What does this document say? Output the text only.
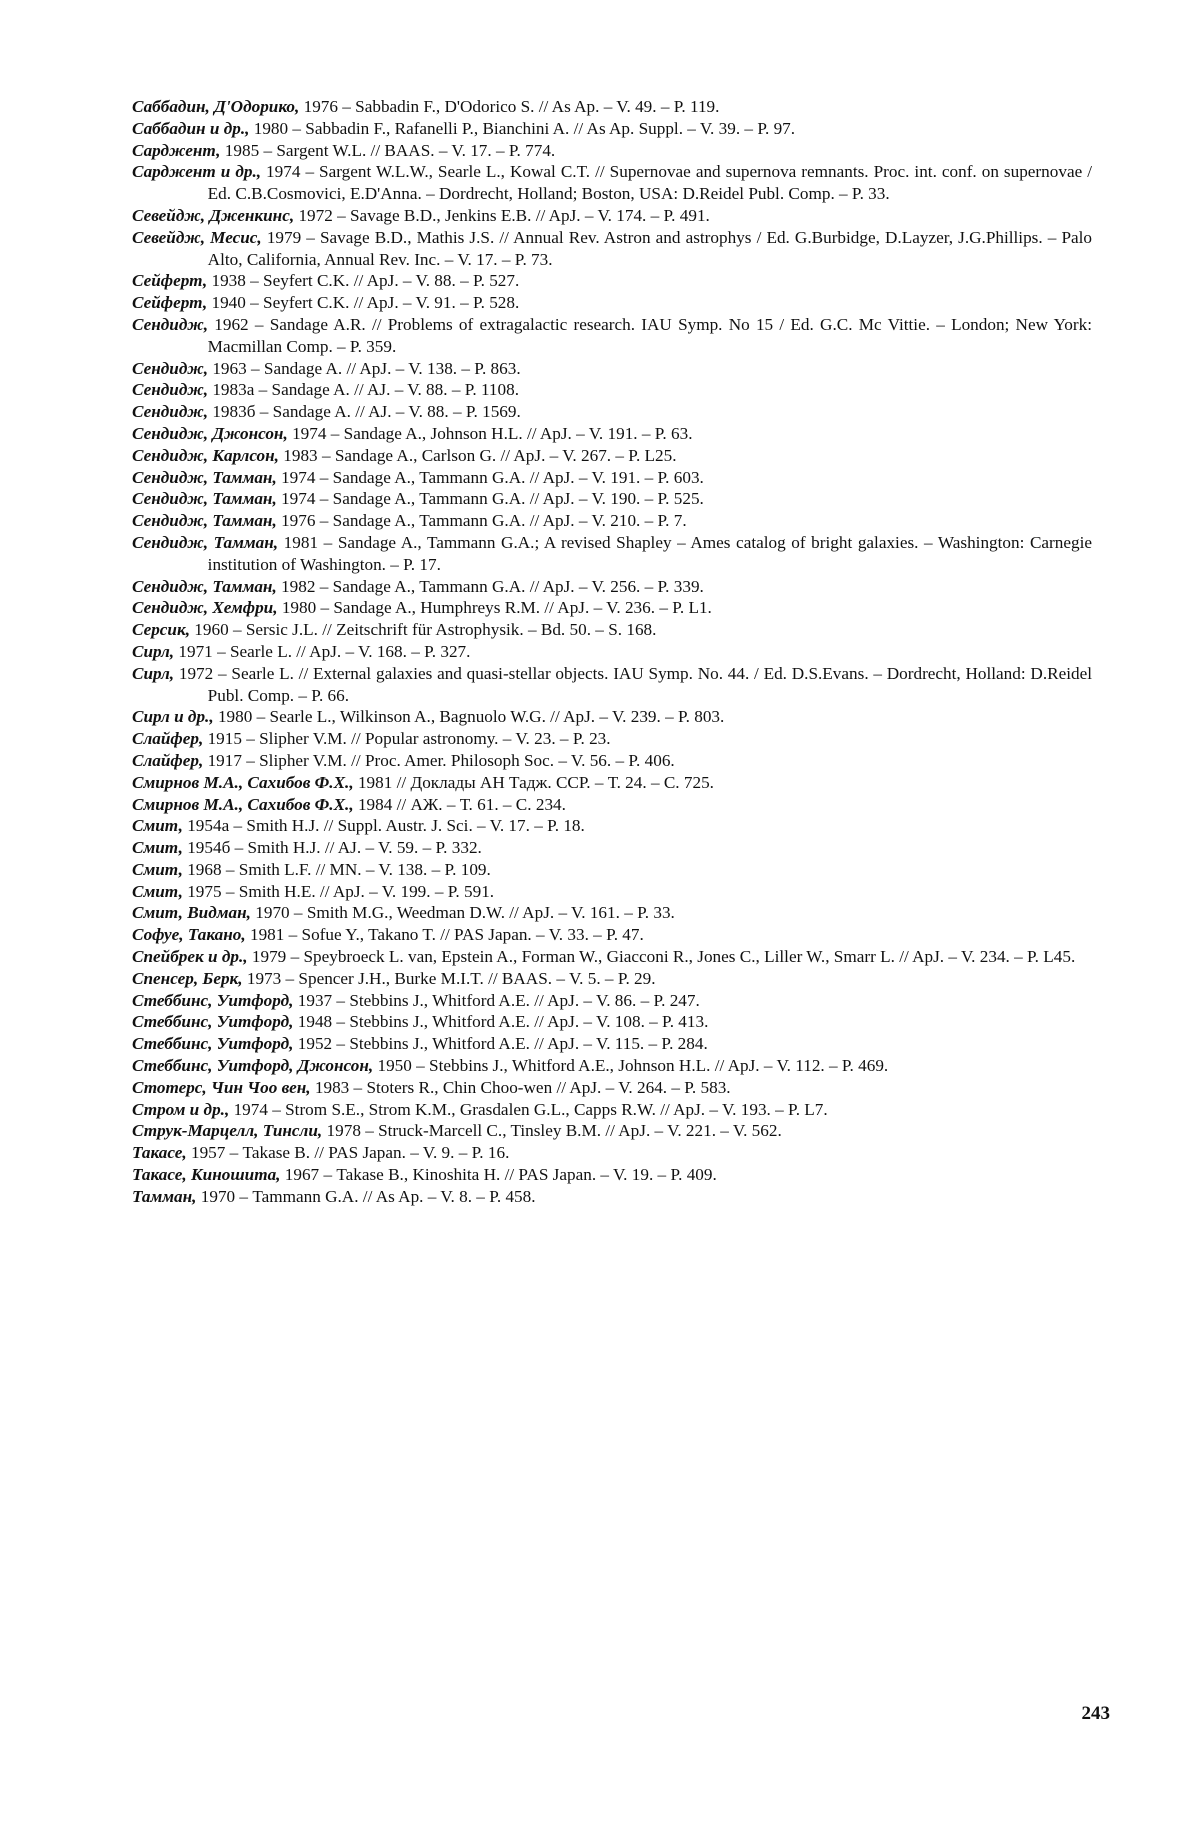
Саббадин, Д'Одорико, 1976 – Sabbadin F., D'Odorico S. // As Ap. – V. 49. – P. 119.
Саббадин и др., 1980 – Sabbadin F., Rafanelli P., Bianchini A. // As Ap. Suppl. – V. 39. – P. 97.
Сарджент, 1985 – Sargent W.L. // BAAS. – V. 17. – P. 774.
Сарджент и др., 1974 – Sargent W.L.W., Searle L., Kowal C.T. // Supernovae and supernova remnants. Proc. int. conf. on supernovae / Ed. C.B.Cosmovici, E.D'Anna. – Dordrecht, Holland; Boston, USA: D.Reidel Publ. Comp. – P. 33.
Севейдж, Дженкинс, 1972 – Savage B.D., Jenkins E.B. // ApJ. – V. 174. – P. 491.
Севейдж, Месис, 1979 – Savage B.D., Mathis J.S. // Annual Rev. Astron and astrophys / Ed. G.Burbidge, D.Layzer, J.G.Phillips. – Palo Alto, California, Annual Rev. Inc. – V. 17. – P. 73.
Сейферт, 1938 – Seyfert C.K. // ApJ. – V. 88. – P. 527.
Сейферт, 1940 – Seyfert C.K. // ApJ. – V. 91. – P. 528.
Сендидж, 1962 – Sandage A.R. // Problems of extragalactic research. IAU Symp. No 15 / Ed. G.C. Mc Vittie. – London; New York: Macmillan Comp. – P. 359.
Сендидж, 1963 – Sandage A. // ApJ. – V. 138. – P. 863.
Сендидж, 1983а – Sandage A. // AJ. – V. 88. – P. 1108.
Сендидж, 1983б – Sandage A. // AJ. – V. 88. – P. 1569.
Сендидж, Джонсон, 1974 – Sandage A., Johnson H.L. // ApJ. – V. 191. – P. 63.
Сендидж, Карлсон, 1983 – Sandage A., Carlson G. // ApJ. – V. 267. – P. L25.
Сендидж, Тамман, 1974 – Sandage A., Tammann G.A. // ApJ. – V. 191. – P. 603.
Сендидж, Тамман, 1974 – Sandage A., Tammann G.A. // ApJ. – V. 190. – P. 525.
Сендидж, Тамман, 1976 – Sandage A., Tammann G.A. // ApJ. – V. 210. – P. 7.
Сендидж, Тамман, 1981 – Sandage A., Tammann G.A.; A revised Shapley – Ames catalog of bright galaxies. – Washington: Carnegie institution of Washington. – P. 17.
Сендидж, Тамман, 1982 – Sandage A., Tammann G.A. // ApJ. – V. 256. – P. 339.
Сендидж, Хемфри, 1980 – Sandage A., Humphreys R.M. // ApJ. – V. 236. – P. L1.
Серсик, 1960 – Sersic J.L. // Zeitschrift für Astrophysik. – Bd. 50. – S. 168.
Сирл, 1971 – Searle L. // ApJ. – V. 168. – P. 327.
Сирл, 1972 – Searle L. // External galaxies and quasi-stellar objects. IAU Symp. No. 44. / Ed. D.S.Evans. – Dordrecht, Holland: D.Reidel Publ. Comp. – P. 66.
Сирл и др., 1980 – Searle L., Wilkinson A., Bagnuolo W.G. // ApJ. – V. 239. – P. 803.
Слайфер, 1915 – Slipher V.M. // Popular astronomy. – V. 23. – P. 23.
Слайфер, 1917 – Slipher V.M. // Proc. Amer. Philosoph Soc. – V. 56. – P. 406.
Смирнов М.А., Сахибов Ф.Х., 1981 // Доклады АН Тадж. ССР. – Т. 24. – С. 725.
Смирнов М.А., Сахибов Ф.Х., 1984 // АЖ. – Т. 61. – С. 234.
Смит, 1954а – Smith H.J. // Suppl. Austr. J. Sci. – V. 17. – P. 18.
Смит, 1954б – Smith H.J. // AJ. – V. 59. – P. 332.
Смит, 1968 – Smith L.F. // MN. – V. 138. – P. 109.
Смит, 1975 – Smith H.E. // ApJ. – V. 199. – P. 591.
Смит, Видман, 1970 – Smith M.G., Weedman D.W. // ApJ. – V. 161. – P. 33.
Софуе, Такано, 1981 – Sofue Y., Takano T. // PAS Japan. – V. 33. – P. 47.
Спейбрек и др., 1979 – Speybroeck L. van, Epstein A., Forman W., Giacconi R., Jones C., Liller W., Smarr L. // ApJ. – V. 234. – P. L45.
Спенсер, Берк, 1973 – Spencer J.H., Burke M.I.T. // BAAS. – V. 5. – P. 29.
Стеббинс, Уитфорд, 1937 – Stebbins J., Whitford A.E. // ApJ. – V. 86. – P. 247.
Стеббинс, Уитфорд, 1948 – Stebbins J., Whitford A.E. // ApJ. – V. 108. – P. 413.
Стеббинс, Уитфорд, 1952 – Stebbins J., Whitford A.E. // ApJ. – V. 115. – P. 284.
Стеббинс, Уитфорд, Джонсон, 1950 – Stebbins J., Whitford A.E., Johnson H.L. // ApJ. – V. 112. – P. 469.
Стотерс, Чин Чоо вен, 1983 – Stoters R., Chin Choo-wen // ApJ. – V. 264. – P. 583.
Стром и др., 1974 – Strom S.E., Strom K.M., Grasdalen G.L., Capps R.W. // ApJ. – V. 193. – P. L7.
Струк-Марцелл, Тинсли, 1978 – Struck-Marcell C., Tinsley B.M. // ApJ. – V. 221. – V. 562.
Такасе, 1957 – Takase B. // PAS Japan. – V. 9. – P. 16.
Такасе, Киношита, 1967 – Takase B., Kinoshita H. // PAS Japan. – V. 19. – P. 409.
Тамман, 1970 – Tammann G.A. // As Ap. – V. 8. – P. 458.
243
